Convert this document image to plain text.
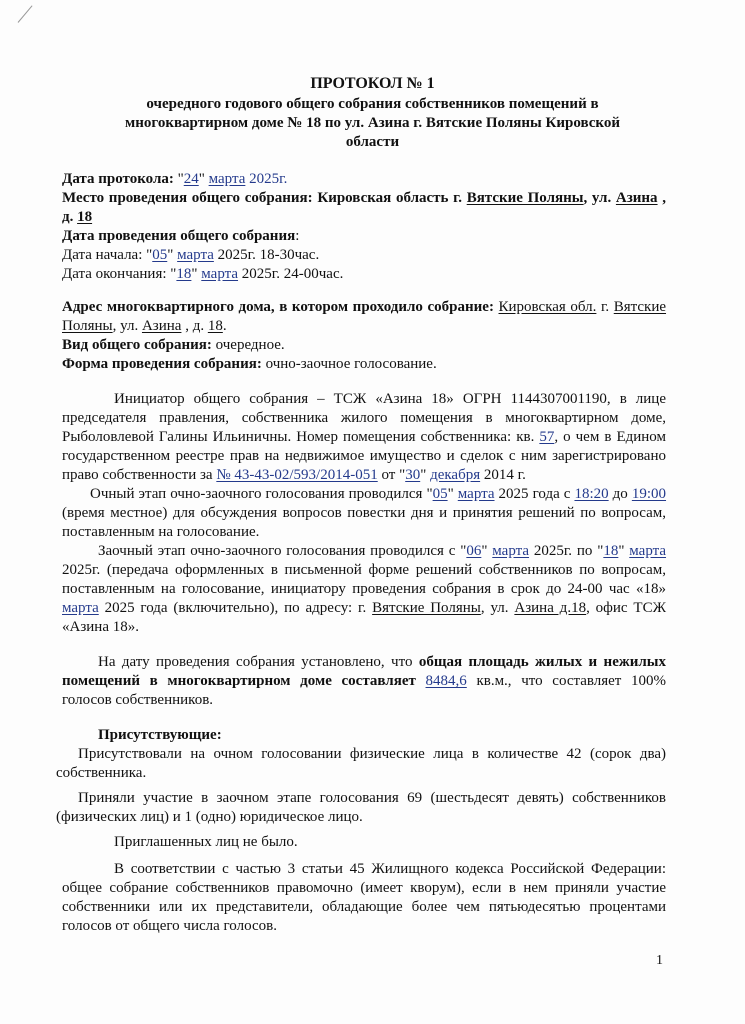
ПРОТОКОЛ № 1
очередного годового общего собрания собственников помещений в
многоквартирном доме № 18 по ул. Азина г. Вятские Поляны Кировской
области

Дата протокола: "24" марта 2025г.

Место проведения общего собрания: Кировская область г. Вятские Поляны, ул. Азина , д. 18

Дата проведения общего собрания:

Дата начала: "05" марта 2025г. 18-30час.

Дата окончания: "18" марта 2025г. 24-00час.

Адрес многоквартирного дома, в котором проходило собрание: Кировская обл. г. Вятские Поляны, ул. Азина , д. 18.

Вид общего собрания: очередное.

Форма проведения собрания: очно-заочное голосование.

Инициатор общего собрания – ТСЖ «Азина 18» ОГРН 1144307001190, в лице председателя правления, собственника жилого помещения в многоквартирном доме, Рыболовлевой Галины Ильиничны. Номер помещения собственника: кв. 57, о чем в Едином государственном реестре прав на недвижимое имущество и сделок с ним зарегистрировано право собственности за № 43-43-02/593/2014-051 от "30" декабря 2014 г.

Очный этап очно-заочного голосования проводился "05" марта 2025 года с 18:20 до 19:00 (время местное) для обсуждения вопросов повестки дня и принятия решений по вопросам, поставленным на голосование.

Заочный этап очно-заочного голосования проводился с "06" марта 2025г. по "18" марта 2025г. (передача оформленных в письменной форме решений собственников по вопросам, поставленным на голосование, инициатору проведения собрания в срок до 24-00 час «18» марта 2025 года (включительно), по адресу: г. Вятские Поляны, ул. Азина д.18, офис ТСЖ «Азина 18».

На дату проведения собрания установлено, что общая площадь жилых и нежилых помещений в многоквартирном доме составляет 8484,6 кв.м., что составляет 100% голосов собственников.

Присутствующие:

Присутствовали на очном голосовании физические лица в количестве 42 (сорок два) собственника.

Приняли участие в заочном этапе голосования 69 (шестьдесят девять) собственников (физических лиц) и 1 (одно) юридическое лицо.

Приглашенных лиц не было.

В соответствии с частью 3 статьи 45 Жилищного кодекса Российской Федерации: общее собрание собственников правомочно (имеет кворум), если в нем приняли участие собственники или их представители, обладающие более чем пятьюдесятью процентами голосов от общего числа голосов.

1
